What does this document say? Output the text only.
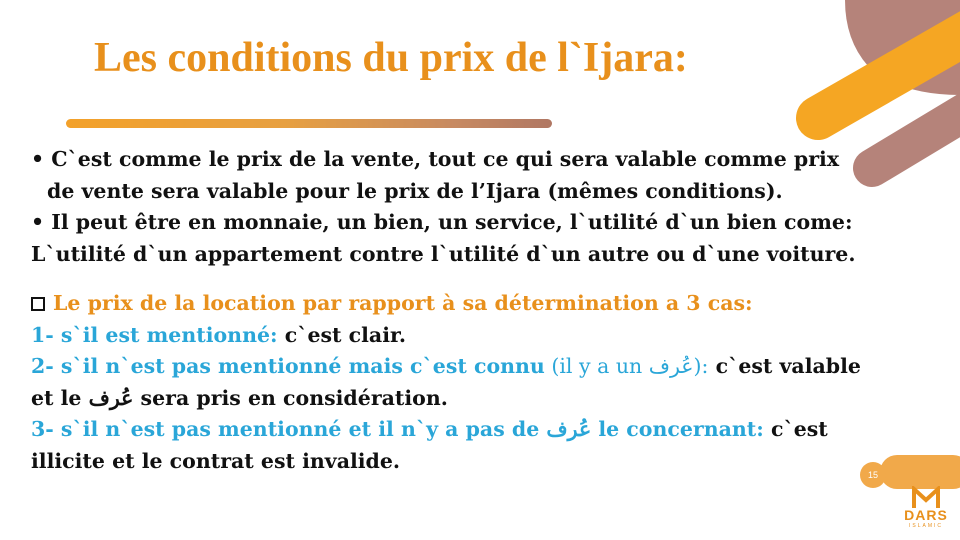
Les conditions du prix de l`Ijara:
• C`est comme le prix de la vente, tout ce qui sera valable comme prix
de vente sera valable pour le prix de l’Ijara (mêmes conditions).
• Il peut être en monnaie, un bien, un service, l`utilité d`un bien come:
L`utilité d`un appartement contre l`utilité d`un autre ou d`une voiture.
Le prix de la location par rapport à sa détermination a 3 cas:
1- s`il est mentionné: c`est clair.
2- s`il n`est pas mentionné mais c`est connu (il y a un عُرف): c`est valable
et le عُرف sera pris en considération.
3- s`il n`est pas mentionné et il n`y a pas de عُرف le concernant: c`est
illicite et le contrat est invalide.
15
DARS
ISLAMIC
